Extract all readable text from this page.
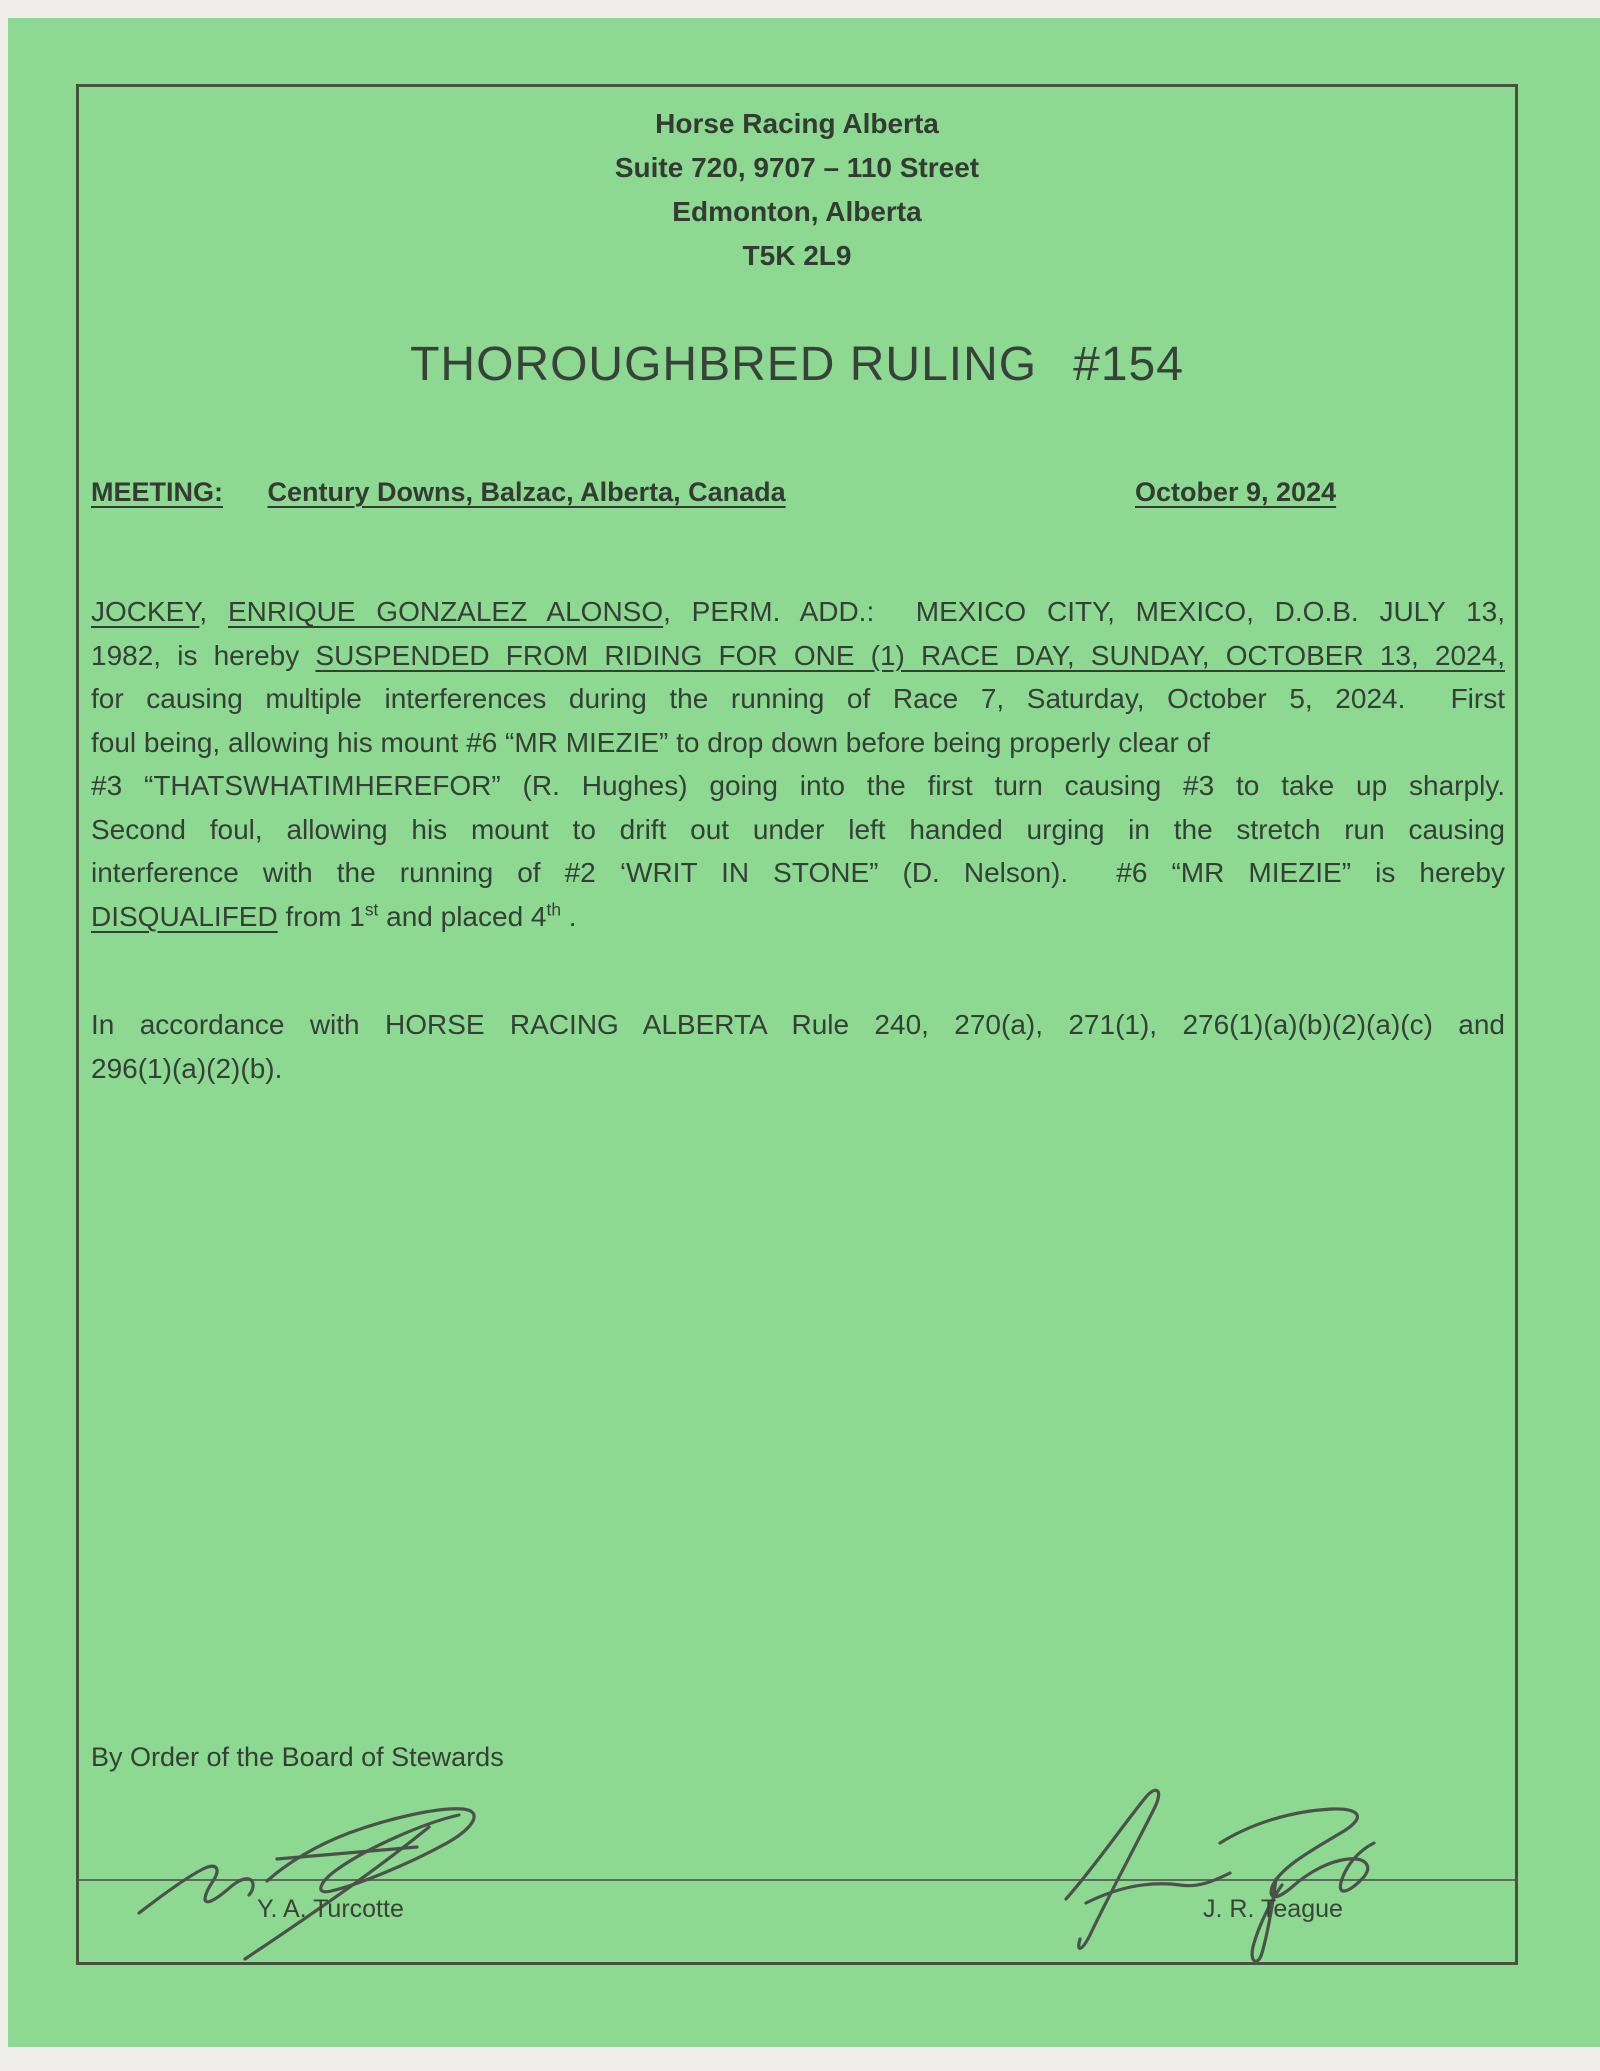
Horse Racing Alberta
Suite 720, 9707 – 110 Street
Edmonton, Alberta
T5K 2L9
THOROUGHBRED RULING #154
MEETING: Century Downs, Balzac, Alberta, Canada	October 9, 2024
JOCKEY, ENRIQUE GONZALEZ ALONSO, PERM. ADD.:  MEXICO CITY, MEXICO, D.O.B. JULY 13,
1982, is hereby SUSPENDED FROM RIDING FOR ONE (1) RACE DAY, SUNDAY, OCTOBER 13, 2024,
for causing multiple interferences during the running of Race 7, Saturday, October 5, 2024.  First
foul being, allowing his mount #6 “MR MIEZIE” to drop down before being properly clear of
#3 “THATSWHATIMHEREFOR” (R. Hughes) going into the first turn causing #3 to take up sharply.
Second foul, allowing his mount to drift out under left handed urging in the stretch run causing
interference with the running of #2 ‘WRIT IN STONE” (D. Nelson).  #6 “MR MIEZIE” is hereby
DISQUALIFED from 1st and placed 4th .
In accordance with HORSE RACING ALBERTA Rule 240, 270(a), 271(1), 276(1)(a)(b)(2)(a)(c) and
296(1)(a)(2)(b).
By Order of the Board of Stewards
Y. A. Turcotte	J. R. Teague
